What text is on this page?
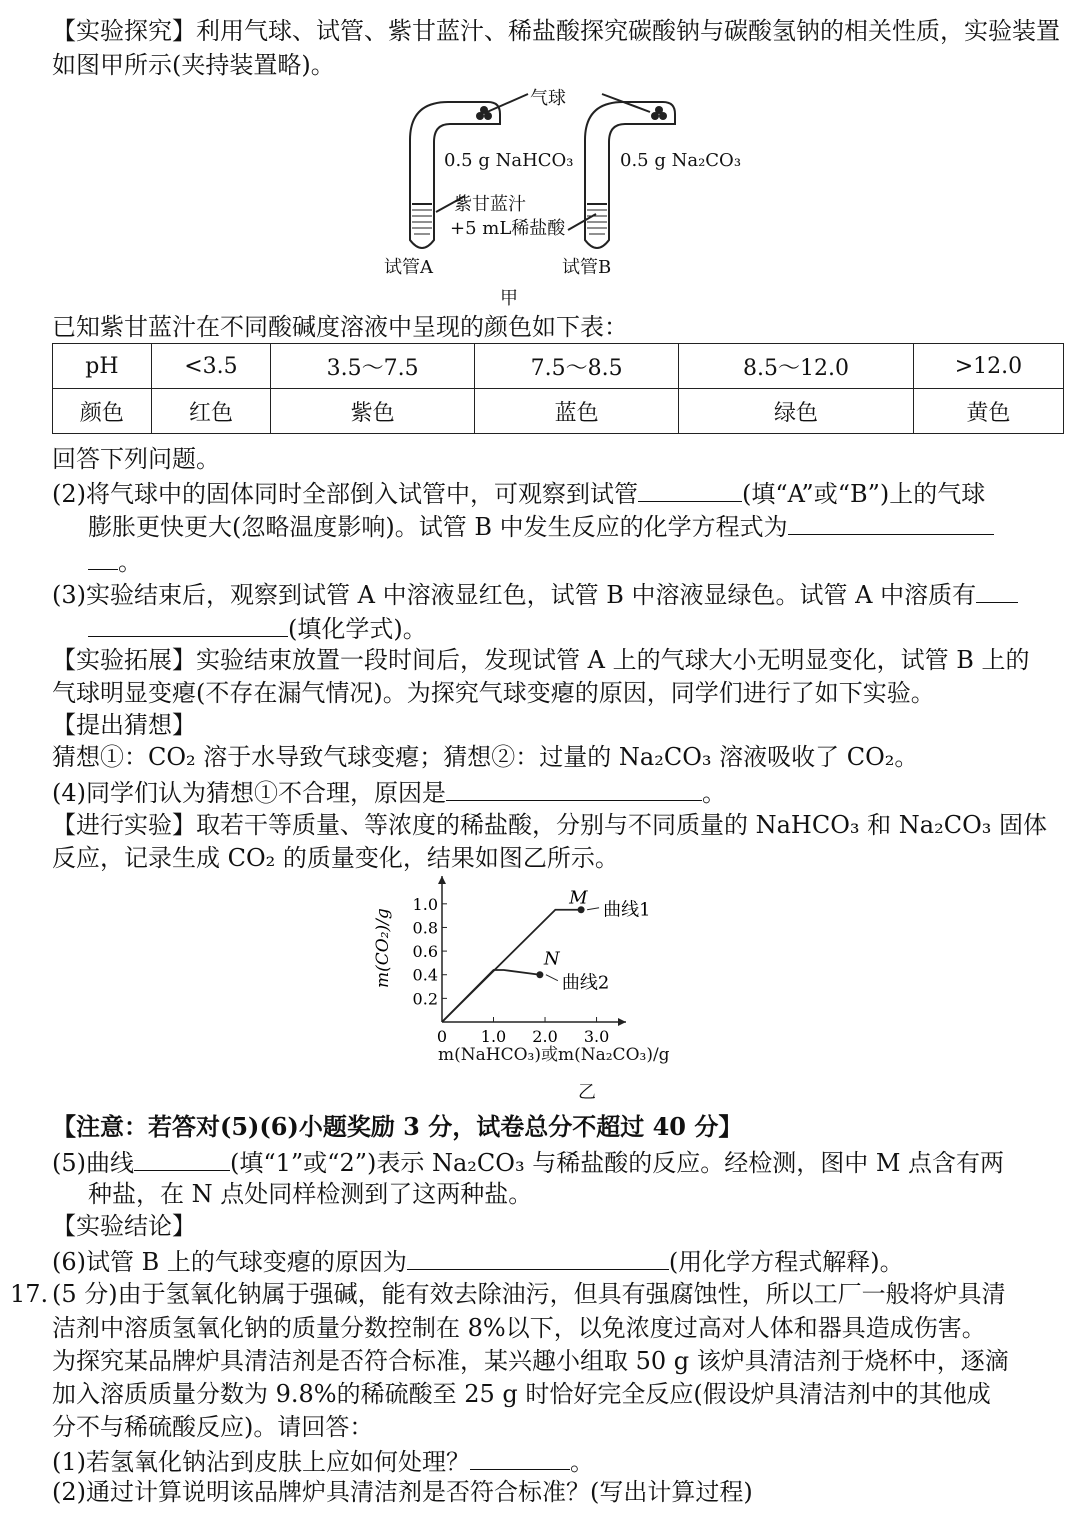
【实验探究】利用气球、试管、紫甘蓝汁、稀盐酸探究碳酸钠与碳酸氢钠的相关性质，实验装置
如图甲所示(夹持装置略)。
气球
0.5 g NaHCO₃	0.5 g Na₂CO₃
紫甘蓝汁
+5 mL稀盐酸
试管A	试管B
甲
已知紫甘蓝汁在不同酸碱度溶液中呈现的颜色如下表：
pH	<3.5	3.5～7.5	7.5～8.5	8.5～12.0	>12.0
颜色	红色	紫色	蓝色	绿色	黄色
回答下列问题。
(2)将气球中的固体同时全部倒入试管中，可观察到试管	(填“A”或“B”)上的气球
膨胀更快更大(忽略温度影响)。试管 B 中发生反应的化学方程式为
。
(3)实验结束后，观察到试管 A 中溶液显红色，试管 B 中溶液显绿色。试管 A 中溶质有
(填化学式)。
【实验拓展】实验结束放置一段时间后，发现试管 A 上的气球大小无明显变化，试管 B 上的
气球明显变瘪(不存在漏气情况)。为探究气球变瘪的原因，同学们进行了如下实验。
【提出猜想】
猜想①：CO₂ 溶于水导致气球变瘪；猜想②：过量的 Na₂CO₃ 溶液吸收了 CO₂。
(4)同学们认为猜想①不合理，原因是	。
【进行实验】取若干等质量、等浓度的稀盐酸，分别与不同质量的 NaHCO₃ 和 Na₂CO₃ 固体
反应，记录生成 CO₂ 的质量变化，结果如图乙所示。
0.2
0.4
0.6
0.8
1.0
0 1.0 2.0 3.0
m(CO₂)/g
M
曲线1
N
曲线2
m(NaHCO₃)或m(Na₂CO₃)/g
乙
【注意：若答对(5)(6)小题奖励 3 分，试卷总分不超过 40 分】
(5)曲线	(填“1”或“2”)表示 Na₂CO₃ 与稀盐酸的反应。经检测，图中 M 点含有两
种盐，在 N 点处同样检测到了这两种盐。
【实验结论】
(6)试管 B 上的气球变瘪的原因为	(用化学方程式解释)。
17. (5 分)由于氢氧化钠属于强碱，能有效去除油污，但具有强腐蚀性，所以工厂一般将炉具清
洁剂中溶质氢氧化钠的质量分数控制在 8%以下，以免浓度过高对人体和器具造成伤害。
为探究某品牌炉具清洁剂是否符合标准，某兴趣小组取 50 g 该炉具清洁剂于烧杯中，逐滴
加入溶质质量分数为 9.8%的稀硫酸至 25 g 时恰好完全反应(假设炉具清洁剂中的其他成
分不与稀硫酸反应)。请回答：
(1)若氢氧化钠沾到皮肤上应如何处理？	。
(2)通过计算说明该品牌炉具清洁剂是否符合标准？(写出计算过程)
